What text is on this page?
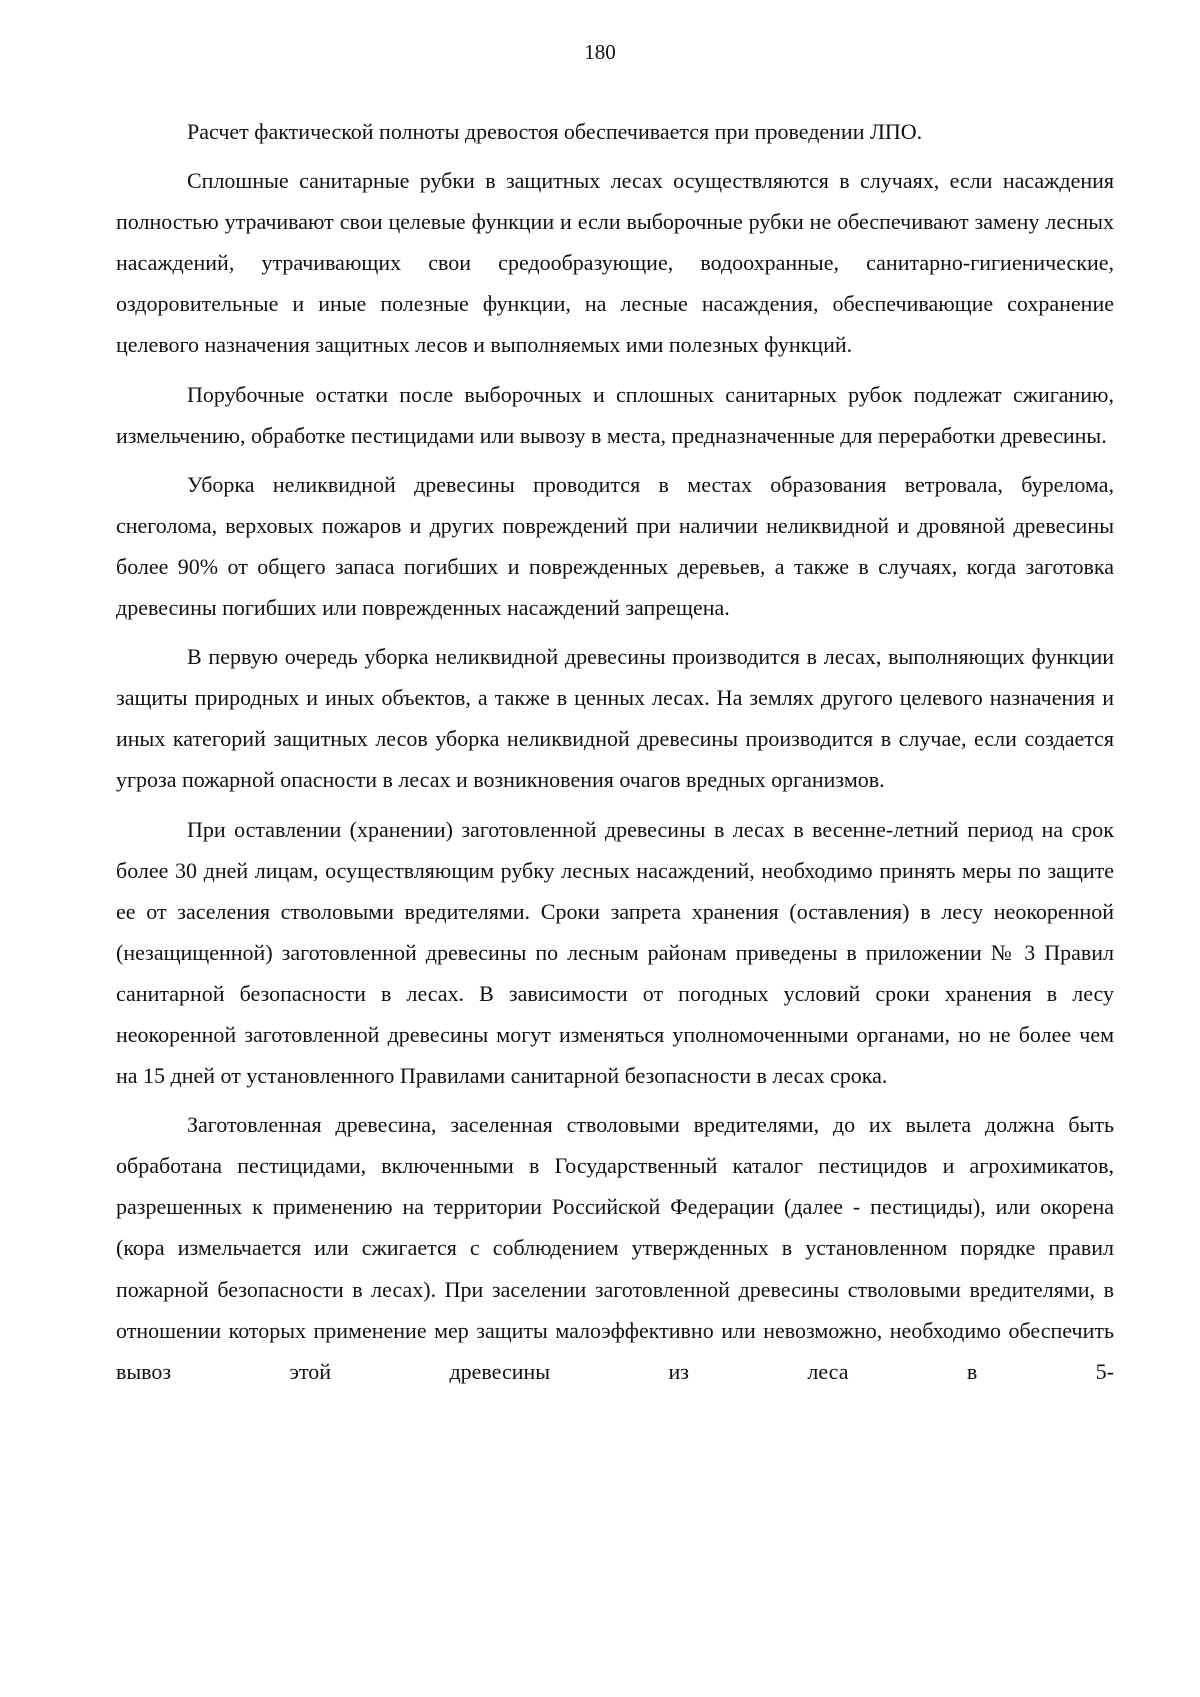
180

Расчет фактической полноты древостоя обеспечивается при проведении ЛПО.

Сплошные санитарные рубки в защитных лесах осуществляются в случаях, если насаждения полностью утрачивают свои целевые функции и если выборочные рубки не обеспечивают замену лесных насаждений, утрачивающих свои средообразующие, водоохранные, санитарно-гигиенические, оздоровительные и иные полезные функции, на лесные насаждения, обеспечивающие сохранение целевого назначения защитных лесов и выполняемых ими полезных функций.

Порубочные остатки после выборочных и сплошных санитарных рубок подлежат сжиганию, измельчению, обработке пестицидами или вывозу в места, предназначенные для переработки древесины.

Уборка неликвидной древесины проводится в местах образования ветровала, бурелома, снеголома, верховых пожаров и других повреждений при наличии неликвидной и дровяной древесины более 90% от общего запаса погибших и поврежденных деревьев, а также в случаях, когда заготовка древесины погибших или поврежденных насаждений запрещена.

В первую очередь уборка неликвидной древесины производится в лесах, выполняющих функции защиты природных и иных объектов, а также в ценных лесах. На землях другого целевого назначения и иных категорий защитных лесов уборка неликвидной древесины производится в случае, если создается угроза пожарной опасности в лесах и возникновения очагов вредных организмов.

При оставлении (хранении) заготовленной древесины в лесах в весенне-летний период на срок более 30 дней лицам, осуществляющим рубку лесных насаждений, необходимо принять меры по защите ее от заселения стволовыми вредителями. Сроки запрета хранения (оставления) в лесу неокоренной (незащищенной) заготовленной древесины по лесным районам приведены в приложении № 3 Правил санитарной безопасности в лесах. В зависимости от погодных условий сроки хранения в лесу неокоренной заготовленной древесины могут изменяться уполномоченными органами, но не более чем на 15 дней от установленного Правилами санитарной безопасности в лесах срока.

Заготовленная древесина, заселенная стволовыми вредителями, до их вылета должна быть обработана пестицидами, включенными в Государственный каталог пестицидов и агрохимикатов, разрешенных к применению на территории Российской Федерации (далее - пестициды), или окорена (кора измельчается или сжигается с соблюдением утвержденных в установленном порядке правил пожарной безопасности в лесах). При заселении заготовленной древесины стволовыми вредителями, в отношении которых применение мер защиты малоэффективно или невозможно, необходимо обеспечить вывоз этой древесины из леса в 5-
